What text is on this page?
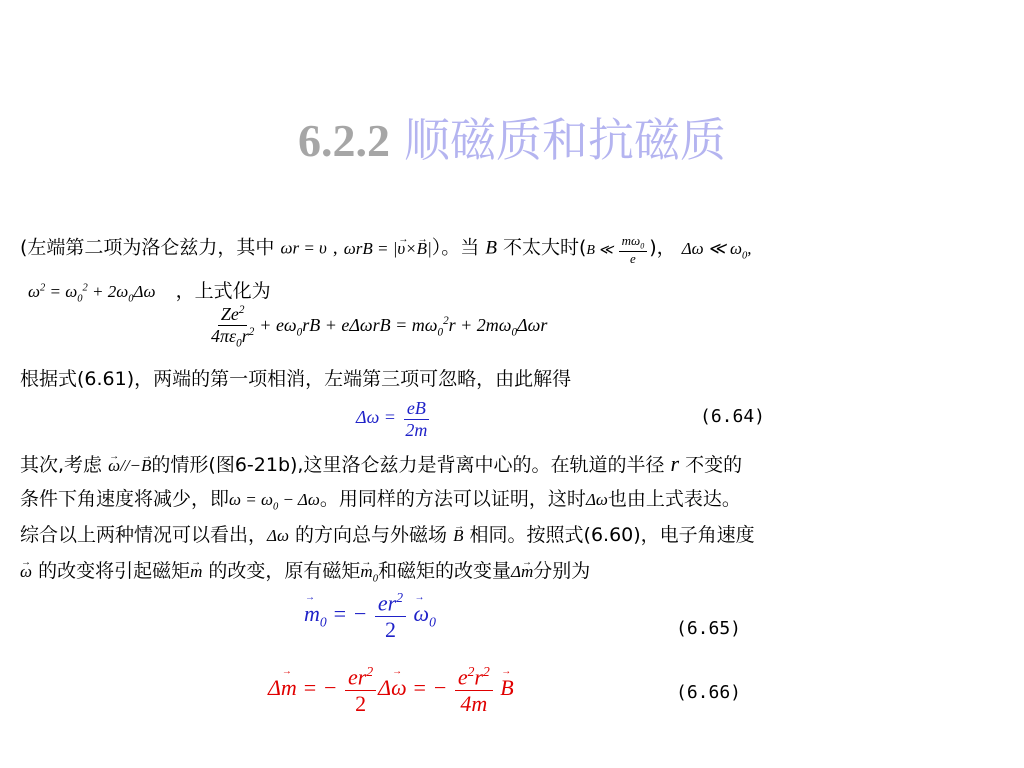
6.2.2 顺磁质和抗磁质
(左端第二项为洛仑兹力，其中 ωr = υ , ωrB = |→ υ×→ B|）。当 B 不太大时(B ≪ $\frac{m\omega_0}{e}$ )， Δω ≪ $\omega_0$,
$\omega^2 = \omega_0^2 + 2\omega_0\Delta\omega$ ，上式化为
$\frac{Ze^2}{4\pi\varepsilon_0r^2} + e\omega_0rB + e\Delta\omega rB = m\omega_0^2r + 2m\omega_0\Delta\omega r$
根据式(6.61)，两端的第一项相消，左端第三项可忽略，由此解得
$\Delta\omega = \frac{eB}{2m}$	(6.64)
其次,考虑 → ω//−→ B的情形(图6-21b),这里洛仑兹力是背离中心的。在轨道的半径 r 不变的
条件下角速度将减少，即$\omega = \omega_0 - \Delta\omega$。用同样的方法可以证明，这时Δω也由上式表达。
综合以上两种情况可以看出，Δω 的方向总与外磁场 → B 相同。按照式(6.60)，电子角速度
→ ω 的改变将引起磁矩→ m 的改变，原有磁矩→ $m_0$和磁矩的改变量Δ→ m分别为
→ $m_0$ = − $\frac{er^2}{2}$
→ $\omega_0$	(6.65)
Δ→ m = − $\frac{er^2}{2} \Delta\to \omega$ = − $\frac{e^2r^2}{4m}$
→ B	(6.66)
